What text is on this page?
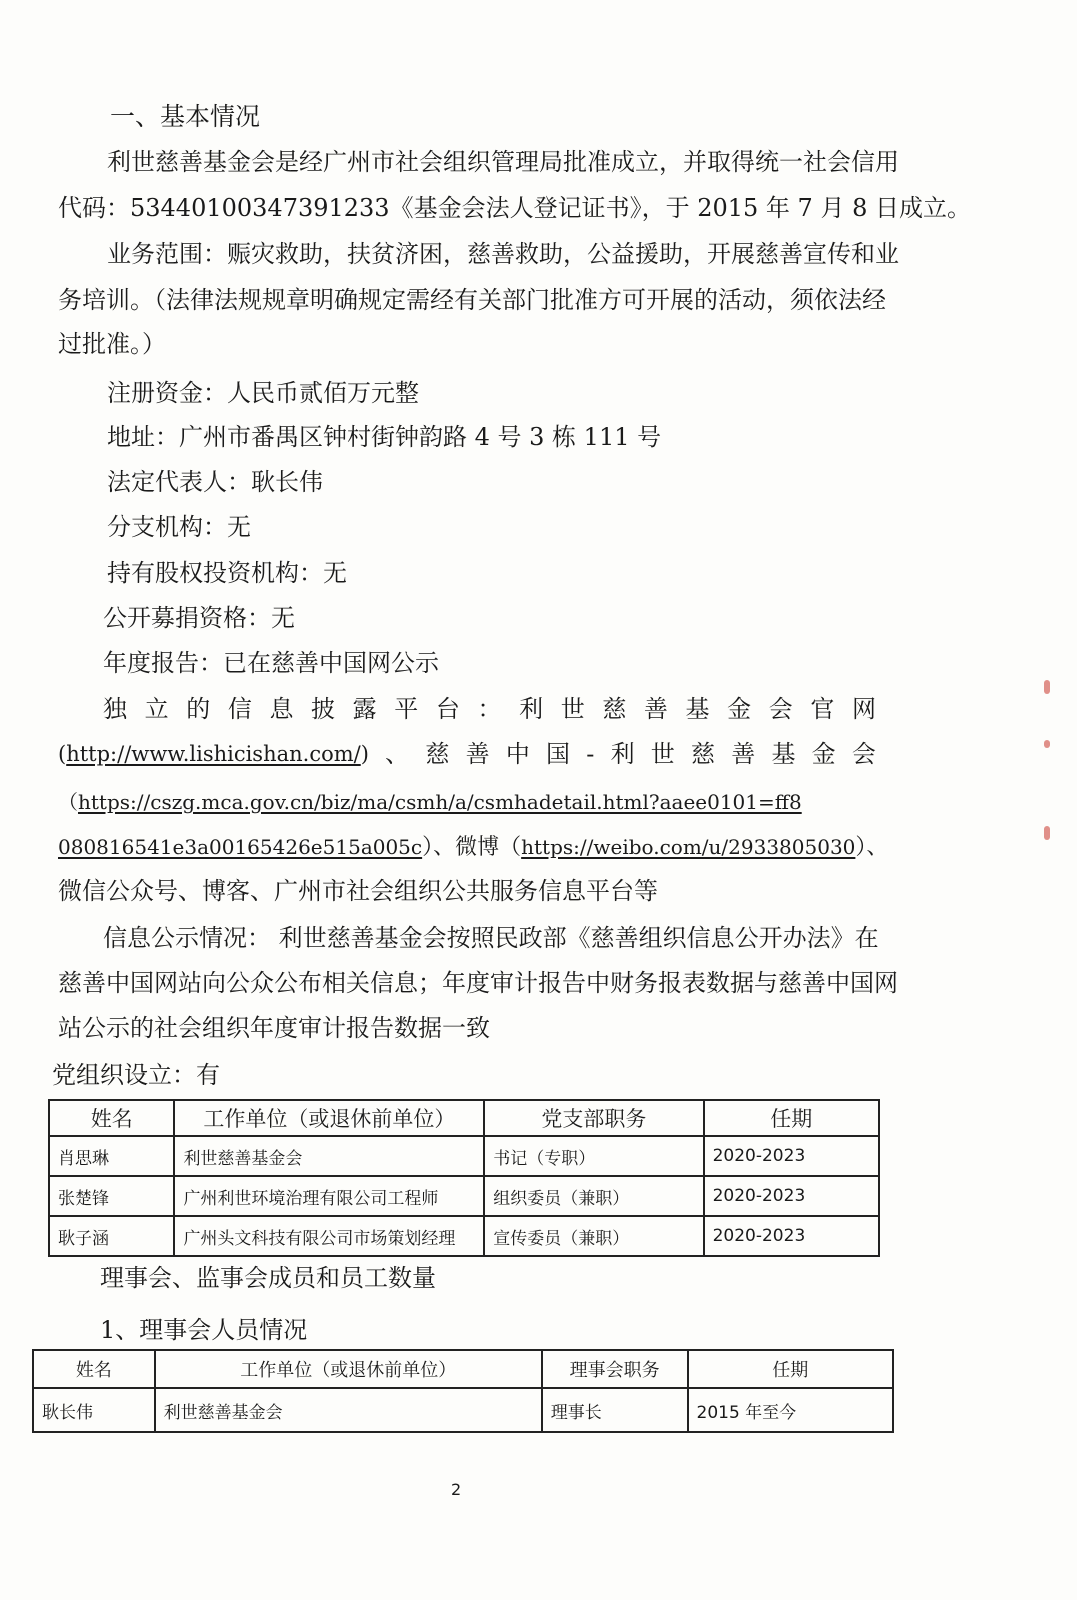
一、基本情况
利世慈善基金会是经广州市社会组织管理局批准成立，并取得统一社会信用
代码：53440100347391233《基金会法人登记证书》，于 2015 年 7 月 8 日成立。
业务范围：赈灾救助，扶贫济困，慈善救助，公益援助，开展慈善宣传和业
务培训。（法律法规规章明确规定需经有关部门批准方可开展的活动，须依法经
过批准。）
注册资金：人民币贰佰万元整
地址：广州市番禺区钟村街钟韵路 4 号 3 栋 111 号
法定代表人：耿长伟
分支机构：无
持有股权投资机构：无
公开募捐资格：无
年度报告：已在慈善中国网公示
独 立 的 信 息 披 露 平 台 ： 利 世 慈 善 基 金 会 官 网
(http://www.lishicishan.com/) 、 慈 善 中 国 - 利 世 慈 善 基 金 会
（https://cszg.mca.gov.cn/biz/ma/csmh/a/csmhadetail.html?aaee0101=ff8
080816541e3a00165426e515a005c）、微博（https://weibo.com/u/2933805030）、
微信公众号、博客、广州市社会组织公共服务信息平台等
信息公示情况： 利世慈善基金会按照民政部《慈善组织信息公开办法》在
慈善中国网站向公众公布相关信息；年度审计报告中财务报表数据与慈善中国网
站公示的社会组织年度审计报告数据一致
党组织设立：有
姓名	工作单位（或退休前单位）	党支部职务	任期
肖思琳	利世慈善基金会	书记（专职）	2020-2023
张楚锋	广州利世环境治理有限公司工程师	组织委员（兼职）	2020-2023
耿子涵	广州头文科技有限公司市场策划经理	宣传委员（兼职）	2020-2023
理事会、监事会成员和员工数量
1、理事会人员情况
姓名	工作单位（或退休前单位）	理事会职务	任期
耿长伟	利世慈善基金会	理事长	2015 年至今
2
